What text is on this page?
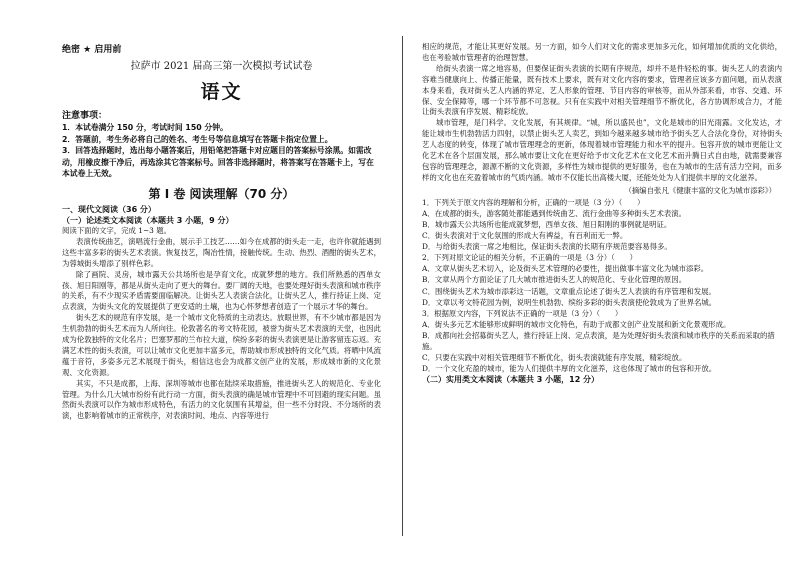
绝密 ★ 启用前

拉萨市 2021 届高三第一次模拟考试试卷

语文

注意事项：

1．本试卷满分 150 分，考试时间 150 分钟。

2．答题前，考生务必将自己的姓名、考生号等信息填写在答题卡指定位置上。

3．回答选择题时，选出每小题答案后，用铅笔把答题卡对应题目的答案标号涂黑。如需改动，用橡皮擦干净后，再选涂其它答案标号。回答非选择题时，将答案写在答题卡上，写在本试卷上无效。

第 I 卷 阅读理解（70 分）

一、现代文阅读（36 分）

（一）论述类文本阅读（本题共 3 小题，9 分）

阅读下面的文字，完成 1~3 题。

表演传统曲艺，演唱流行金曲，展示手工技艺……如今在成都的街头走一走，也许你就能遇到这些丰富多彩的街头艺术表演。恢复技艺，陶冶性情，接触传统。生动、热烈、酒酣的街头艺术，为蓉城街头增添了别样色彩。

除了画院、灵房，城市露天公共场所也是孕育文化，成就梦想的地方。我们所熟悉的西单女孩、旭日阳刚等，都是从街头走向了更大的舞台。要厂阔的天地，也要处理好街头表演和城市秩序的关系，有不少现实矛盾需要面临解决。让街头艺人表演合法化，让街头艺人，推行持证上岗、定点表演，为街头文化的发展提供了更安适的土壤，也为心怀梦想者创造了一个展示才华的舞台。

街头艺术的规范有序发展，是一个城市文化特质的主动表达。放眼世界，有不少城市都是因为生机勃勃的街头艺术而为人所向往。伦敦著名的考文特花园，被誉为街头艺术表演的天堂，也因此成为伦敦独特的文化名片；巴塞罗那的兰布拉大道，缤纷多彩的街头表演更是让游客留连忘返。充满艺术性的街头表演，可以让城市文化更加丰富多元，帮助城市形成独特的文化气质。将晒中风流蕴于音符，多姿多元艺术展现于街头，相信这也会为成都文创产业的发展，形成城市新的文化景观、文化资源。

其实，不只是成都，上海、深圳等城市也都在陆续采取措施，推进街头艺人的规范化、专业化管理。为什么几大城市纷纷有此行动一方面，街头表演的确是城市管理中不可回避的现实问题。虽然街头表演可以作为城市形成特色，有活力的文化氛围有其增益，但一些不分时段、不分场所的表演，也影响着城市的正常秩序，对表演时间、地点、内容等进行

相应的规范，才能让其更好发展。另一方面，如今人们对文化的需求更加多元化，如何增加优质的文化供给，也在考验城市管理者的治理智慧。

给街头表演一席之地容易，但要保证街头表演的长期有序规范，却并不是件轻松的事。街头艺人的表演内容难当健康向上、传播正能量，既有技术上要求，既有对文化内容的要求，管理者应该多方面问题，而从表演本身来看，我对街头艺人内涵的界定、艺人形象的管理、节目内容的审核等，而从外部来看，市容、交通、环保、安全保障等，哪一个环节都不可忽视。只有在实践中对相关管理细节不断优化，各方协调形成合力，才能让街头表演有序发展、精彩绽放。

城市管理，是门科学。文化发展，有其规律。“城，所以盛民也”，文化是城市的旧光雨露。文化发达，才能让城市生机勃勃活力四射，以禁止街头艺人卖艺，到如今越来越多城市给予街头艺人合法化身份，对待街头艺人态度的转变，体现了城市管理理念的更新，体现着城市管理能力和水平的提升。包容开放的城市更能让文化艺术在各个层面发展，那么城市要让文化在更好给予市文化艺术在文化艺术而升腾日式自由地，就需要兼容包容的管理理念，源源不断的文化资源，多样性为城市提供的更好服务，也在为城市的生活有活力空间，而多样的文化也在充盈着城市的气质内涵。城市不仅能长出高楼大厦，还能处处为人们提供丰厚的文化滋养。

（摘编自张凡《健康丰富的文化为城市添彩》）

1．下列关于原文内容的理解和分析，正确的一项是（3 分）（　　）

A．在成都的街头，游客随处都能遇到传统曲艺、流行金曲等多种街头艺术表演。

B．城市露天公共场所也能成就梦想，西单女孩、旭日阳刚的事例就是明证。

C．街头表演对于文化氛围的形成大有裨益，有百利而无一弊。

D．与给街头表演一席之地相比，保证街头表演的长期有序规范要容易得多。

2．下列对原文论证的相关分析，不正确的一项是（3 分）（　　）

A．文章从街头艺术切入，论及街头艺术管理的必要性，提出做事丰富文化为城市添彩。

B．文章从两个方面论证了几大城市推进街头艺人的规范化、专业化管理的原因。

C．围绕街头艺术为城市添彩这一话题，文章重点论述了街头艺人表演的有序管理和发展。

D．文章以考文特花园为例，说明生机勃勃、缤纷多彩的街头表演使伦敦成为了世界名城。

3．根据原文内容，下列说法不正确的一项是（3 分）（　　）

A．街头多元艺术能够形成鲜明的城市文化特色，有助于成都文创产业发展和新文化景观形成。

B．成都向社会招募街头艺人，推行持证上岗、定点表演，是为处理好街头表演和城市秩序的关系而采取的措施。

C．只要在实践中对相关管理细节不断优化，街头表演就能有序发展，精彩绽放。

D．一个文化充盈的城市，能为人们提供丰厚的文化滋养，这也体现了城市的包容和开放。

（二）实用类文本阅读（本题共 3 小题，12 分）
